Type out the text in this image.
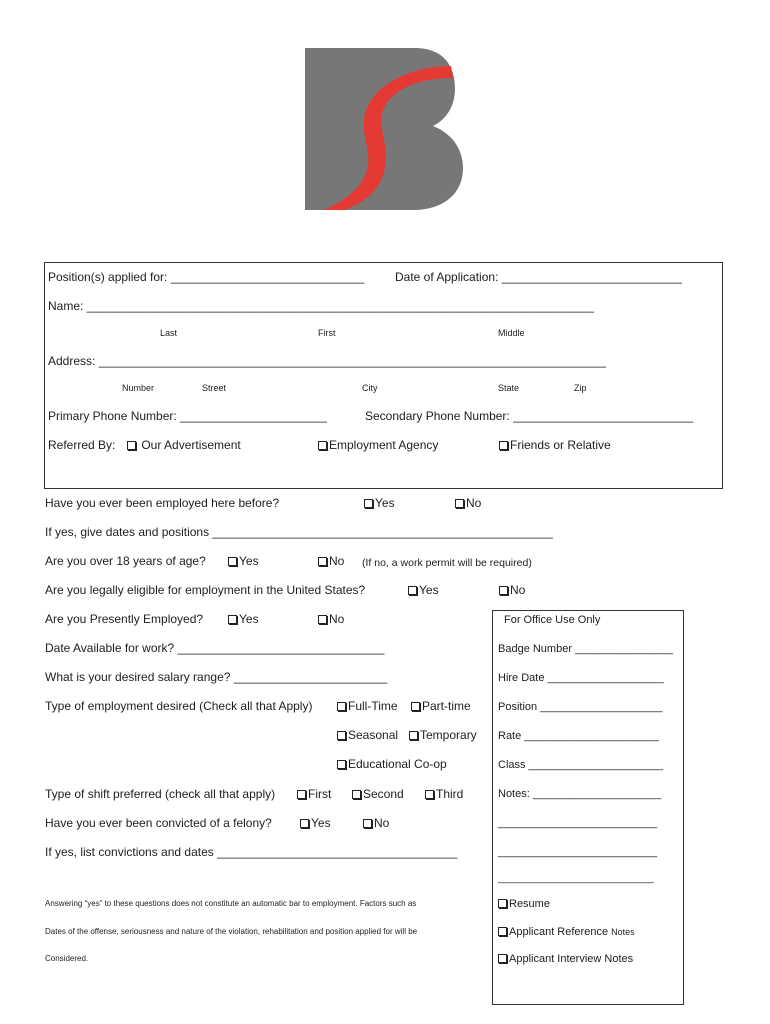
Position(s) applied for: _____________________________	Date of Application: ___________________________
Name: ____________________________________________________________________________
Last	First	Middle
Address: ____________________________________________________________________________
Number	Street	City	State	Zip
Primary Phone Number: ______________________	Secondary Phone Number: ___________________________
Referred By:	Our Advertisement	Employment Agency	Friends or Relative
Have you ever been employed here before?	Yes	No
If yes, give dates and positions ___________________________________________________
Are you over 18 years of age?	Yes	No (If no, a work permit will be required)
Are you legally eligible for employment in the United States?	Yes	No
Are you Presently Employed?	Yes	No
Date Available for work? _______________________________
What is your desired salary range? _______________________
Type of employment desired (Check all that Apply)	Full-Time	Part-time
Seasonal	Temporary
Educational Co-op
Type of shift preferred (check all that apply)	First	Second	Third
Have you ever been convicted of a felony?	Yes	No
If yes, list convictions and dates ____________________________________
Answering “yes” to these questions does not constitute an automatic bar to employment. Factors such as
Dates of the offense, seriousness and nature of the violation, rehabilitation and position applied for will be
Considered.
For Office Use Only
Badge Number ________________
Hire Date ___________________
Position ____________________
Rate ______________________
Class ______________________
Notes: _____________________
__________________________
__________________________
____________________________
Resume
Applicant Reference Notes
Applicant Interview Notes
